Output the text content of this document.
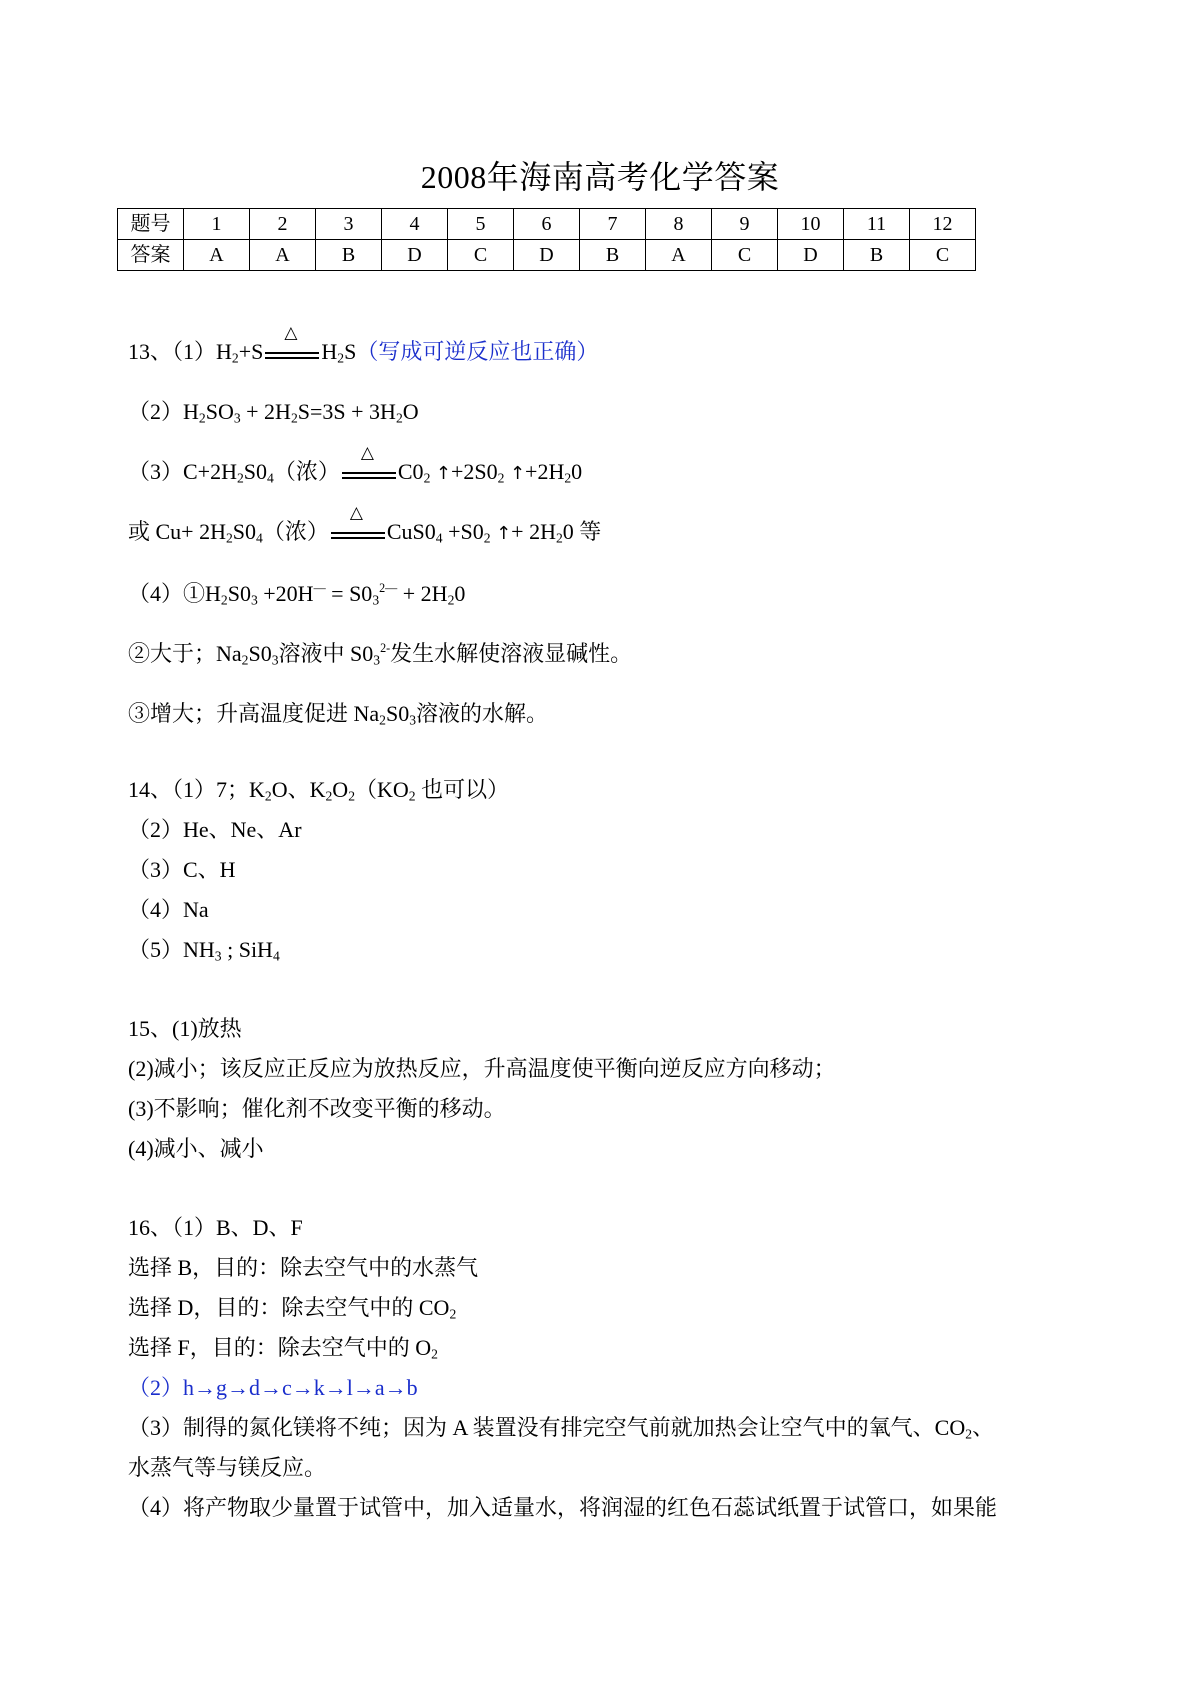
2008年海南高考化学答案
题号	1	2	3	4	5	6	7	8	9	10	11	12
答案	A	A	B	D	C	D	B	A	C	D	B	C
13、$(1)H_2+S$
△
$H_2S$（写成可逆反应也正确）
$(2)H_2SO_3 + 2H_2S=3S + 3H_2O$
$(3)C+2H_2S0_4$（浓）
△
$C0_2$ $↑+2S0_2$ $↑+2H_20$
或 $Cu+ 2H_2S0_4$（浓）
△
$CuS0_4 +S0_2$ ↑+ $2H_20$ 等
$(4)①H_2S0_3 +20H^— = S0_3^{2—} + 2H_20$
②大于；$Na_2S0_3$溶液中 $S0_3^{2-}$发生水解使溶液显碱性。
③增大；升高温度促进 $Na_2S0_3$溶液的水解。
14、（1）7；$K_2O$、$K_2O_2(KO_2$ 也可以）
（2）He、Ne、Ar
（3）C、H
（4）Na
$(5)NH_3$ ; SiH$_4$
15、(1)放热
(2)减小；该反应正反应为放热反应，升高温度使平衡向逆反应方向移动；
(3)不影响；催化剂不改变平衡的移动。
(4)减小、减小
16、（1）B、D、F
选择 B，目的：除去空气中的水蒸气
选择 D，目的：除去空气中的 $CO_2$
选择 F，目的：除去空气中的 $O_2$
（2）h→g→d→c→k→l→a→b
（3）制得的氮化镁将不纯；因为 A 装置没有排完空气前就加热会让空气中的氧气、$CO_2$、
水蒸气等与镁反应。
（4）将产物取少量置于试管中，加入适量水，将润湿的红色石蕊试纸置于试管口，如果能
